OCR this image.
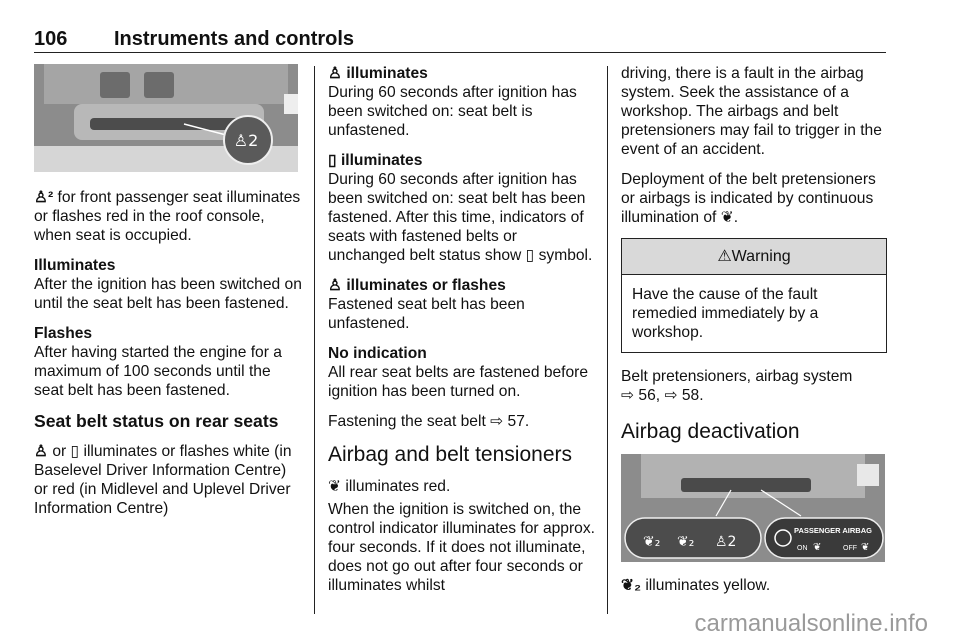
106 Instruments and controls
♙2

♙² for front passenger seat illuminates or flashes red in the roof console, when seat is occupied.

Illuminates
After the ignition has been switched on until the seat belt has been fastened.

Flashes
After having started the engine for a maximum of 100 seconds until the seat belt has been fastened.

Seat belt status on rear seats

♙ or ▯ illuminates or flashes white (in Baselevel Driver Information Centre) or red (in Midlevel and Uplevel Driver Information Centre)

♙ illuminates
During 60 seconds after ignition has been switched on: seat belt is unfastened.

▯ illuminates
During 60 seconds after ignition has been switched on: seat belt has been fastened. After this time, indicators of seats with fastened belts or unchanged belt status show ▯ symbol.

♙ illuminates or flashes
Fastened seat belt has been unfastened.

No indication
All rear seat belts are fastened before ignition has been turned on.

Fastening the seat belt ⇨ 57.

Airbag and belt tensioners

❦ illuminates red.

When the ignition is switched on, the control indicator illuminates for approx. four seconds. If it does not illuminate, does not go out after four seconds or illuminates whilst

driving, there is a fault in the airbag system. Seek the assistance of a workshop. The airbags and belt pretensioners may fail to trigger in the event of an accident.

Deployment of the belt pretensioners or airbags is indicated by continuous illumination of ❦.

⚠Warning
Have the cause of the fault remedied immediately by a workshop.

Belt pretensioners, airbag system
⇨ 56, ⇨ 58.

Airbag deactivation
❦₂ ❦₂ ♙2
PASSENGER AIRBAG
ON ❦	OFF ❦

❦₂ illuminates yellow.

carmanualsonline.info
